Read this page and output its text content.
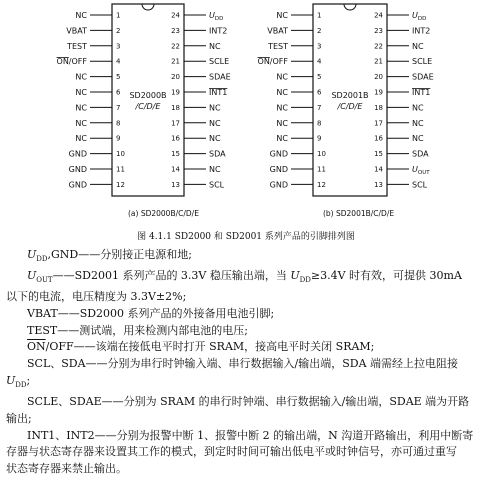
SD2000B
/C/D/E
1
NC
2
VBAT
3
TEST
4
ON/OFF
5
NC
6
NC
7
NC
8
NC
9
NC
10
GND
11
GND
12
GND
24	$U_{DD}$
23	INT2
22	NC
21	SCLE
20	SDAE
19	INT1
18	NC
17	NC
16	NC
15	SDA
14	NC
13	SCL
(a) SD2000B/C/D/E
SD2001B
/C/D/E
1
NC
2
VBAT
3
TEST
4
ON/OFF
5
NC
6
NC
7
NC
8
NC
9
NC
10
GND
11
GND
12
GND
24	$U_{DD}$
23	INT2
22	NC
21	SCLE
20	SDAE
19	INT1
18	NC
17	NC
16	NC
15	SDA
14	$U_{OUT}$
13	SCL
(b) SD2001B/C/D/E
图 4.1.1 SD2000 和 SD2001 系列产品的引脚排列图

$U_{DD},GND——$分别接正电源和地;

$U_{OUT}——SD2001$ 系列产品的 3.3V 稳压输出端，当 $U_{DD}\ge 3.4V$ 时有效，可提供 30mA

以下的电流，电压精度为 3.3V±2%;

VBAT——SD2000 系列产品的外接备用电池引脚;

TEST——测试端，用来检测内部电池的电压;

$\overline{ON}/OFF——$该端在接低电平时打开 SRAM，接高电平时关闭 SRAM;

SCL、SDA——分别为串行时钟输入端、串行数据输入/输出端，SDA 端需经上拉电阻接

$U_{DD}$;

SCLE、SDAE——分别为 SRAM 的串行时钟端、串行数据输入/输出端，SDAE 端为开路

输出;

INT1、INT2——分别为报警中断 1、报警中断 2 的输出端，N 沟道开路输出，利用中断寄

存器与状态寄存器来设置其工作的模式，到定时时间可输出低电平或时钟信号，亦可通过重写

状态寄存器来禁止输出。
